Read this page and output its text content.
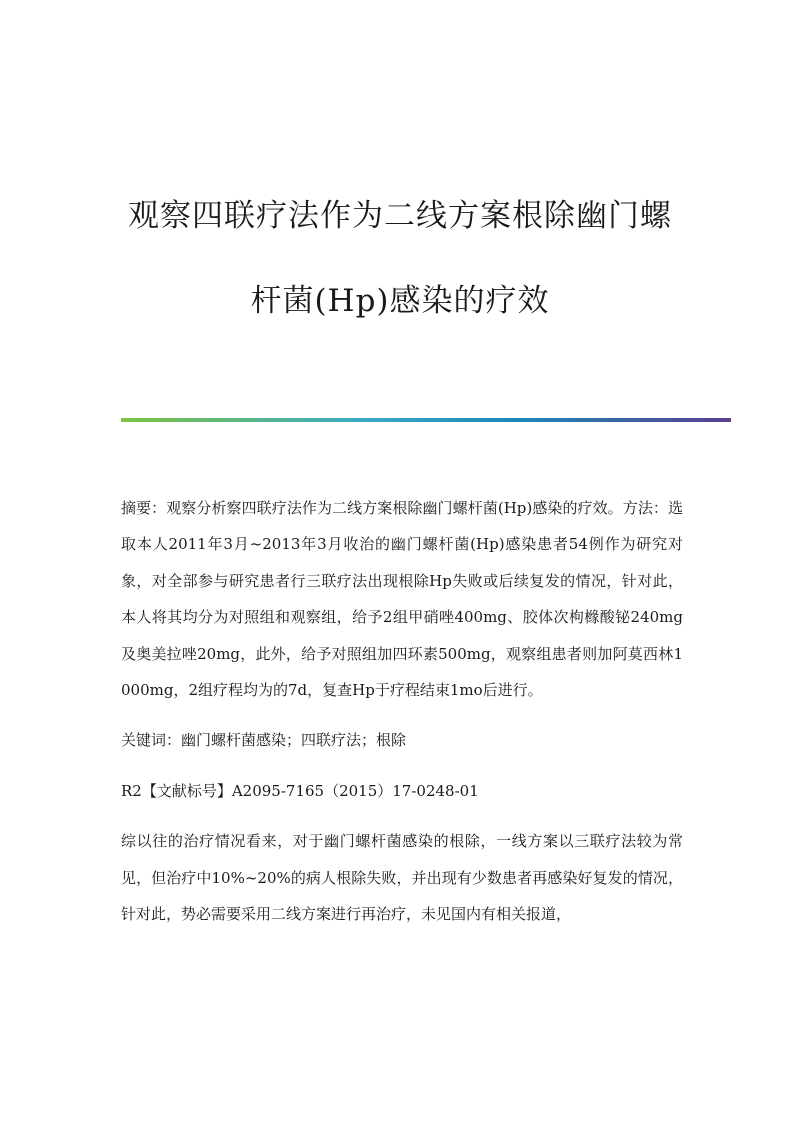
观察四联疗法作为二线方案根除幽门螺
杆菌(Hp)感染的疗效

摘要：观察分析察四联疗法作为二线方案根除幽门螺杆菌(Hp)感染的疗效。方法：选取本人2011年3月~2013年3月收治的幽门螺杆菌(Hp)感染患者54例作为研究对象，对全部参与研究患者行三联疗法出现根除Hp失败或后续复发的情况，针对此，本人将其均分为对照组和观察组，给予2组甲硝唑400mg、胶体次枸橼酸铋240mg及奥美拉唑20mg，此外，给予对照组加四环素500mg，观察组患者则加阿莫西林1000mg，2组疗程均为的7d，复查Hp于疗程结束1mo后进行。

关键词：幽门螺杆菌感染；四联疗法；根除

R2【文献标号】A2095-7165（2015）17-0248-01

综以往的治疗情况看来，对于幽门螺杆菌感染的根除，一线方案以三联疗法较为常见，但治疗中10%~20%的病人根除失败，并出现有少数患者再感染好复发的情况，针对此，势必需要采用二线方案进行再治疗，未见国内有相关报道，
